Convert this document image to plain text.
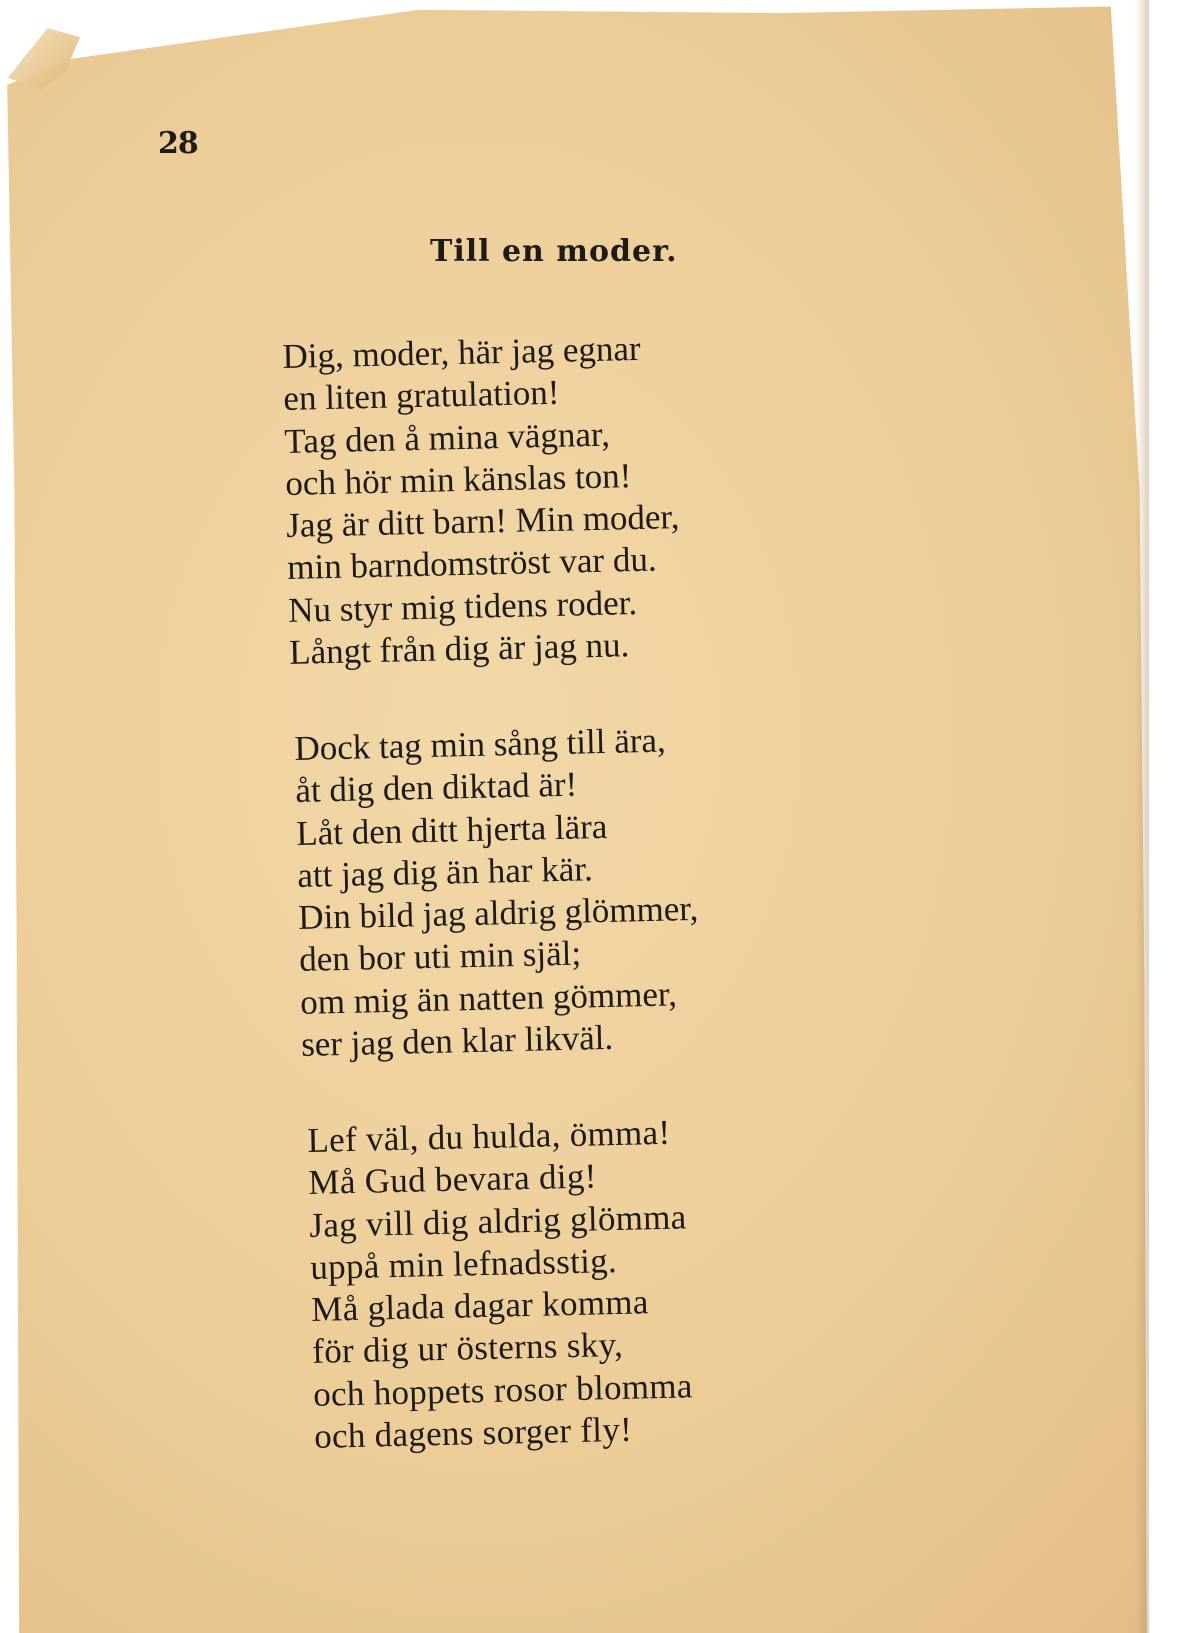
28
Till en moder.
Dig, moder, här jag egnar
en liten gratulation!
Tag den å mina vägnar,
och hör min känslas ton!
Jag är ditt barn! Min moder,
min barndomströst var du.
Nu styr mig tidens roder.
Långt från dig är jag nu.
Dock tag min sång till ära,
åt dig den diktad är!
Låt den ditt hjerta lära
att jag dig än har kär.
Din bild jag aldrig glömmer,
den bor uti min själ;
om mig än natten gömmer,
ser jag den klar likväl.
Lef väl, du hulda, ömma!
Må Gud bevara dig!
Jag vill dig aldrig glömma
uppå min lefnadsstig.
Må glada dagar komma
för dig ur österns sky,
och hoppets rosor blomma
och dagens sorger fly!
